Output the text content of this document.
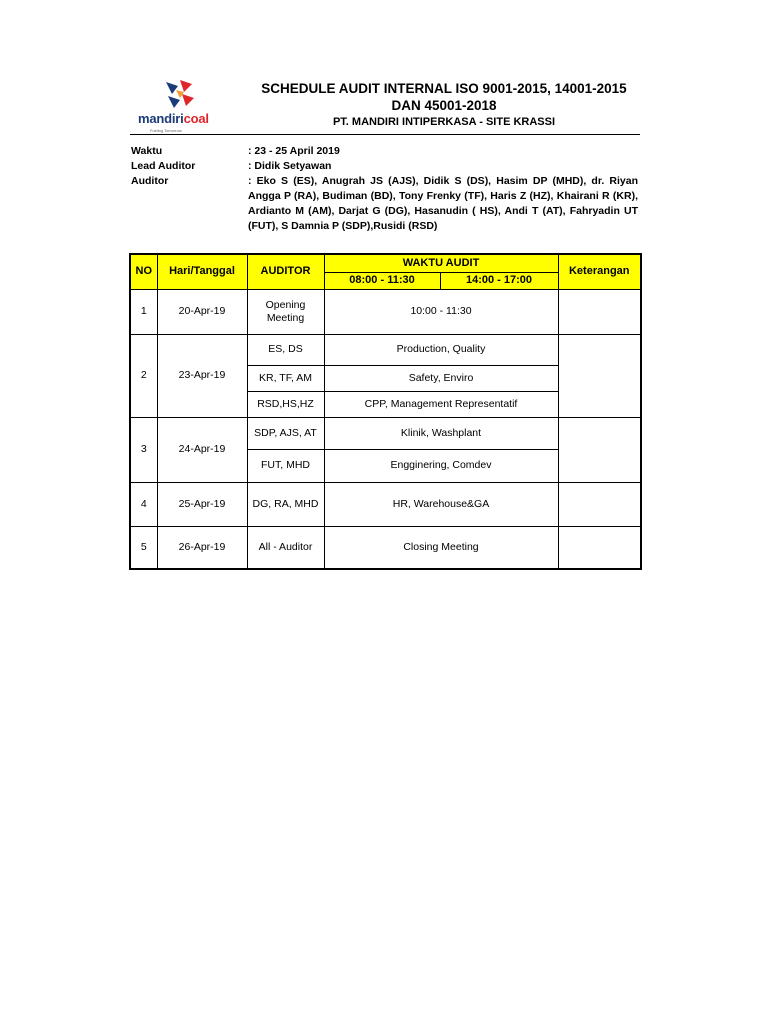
mandiricoal
Fueling Tomorrow
SCHEDULE AUDIT INTERNAL ISO 9001-2015, 14001-2015
DAN 45001-2018
PT. MANDIRI INTIPERKASA - SITE KRASSI
Waktu	: 23 - 25 April 2019
Lead Auditor	: Didik Setyawan
Auditor	: Eko S (ES), Anugrah JS (AJS), Didik S (DS), Hasim DP (MHD), dr. Riyan Angga P (RA), Budiman (BD), Tony Frenky (TF), Haris Z (HZ), Khairani R (KR), Ardianto M (AM), Darjat G (DG), Hasanudin ( HS), Andi T (AT), Fahryadin UT (FUT), S Damnia P (SDP),Rusidi (RSD)
NO	Hari/Tanggal	AUDITOR	WAKTU AUDIT		Keterangan
			08:00 - 11:30	14:00 - 17:00	
1	20-Apr-19	Opening Meeting	10:00 - 11:30		
2	23-Apr-19	ES, DS	Production, Quality		
		KR, TF, AM	Safety, Enviro		
		RSD,HS,HZ	CPP, Management Representatif		
3	24-Apr-19	SDP, AJS, AT	Klinik, Washplant		
		FUT, MHD	Engginering, Comdev		
4	25-Apr-19	DG, RA, MHD	HR, Warehouse&GA		
5	26-Apr-19	All - Auditor	Closing Meeting		
